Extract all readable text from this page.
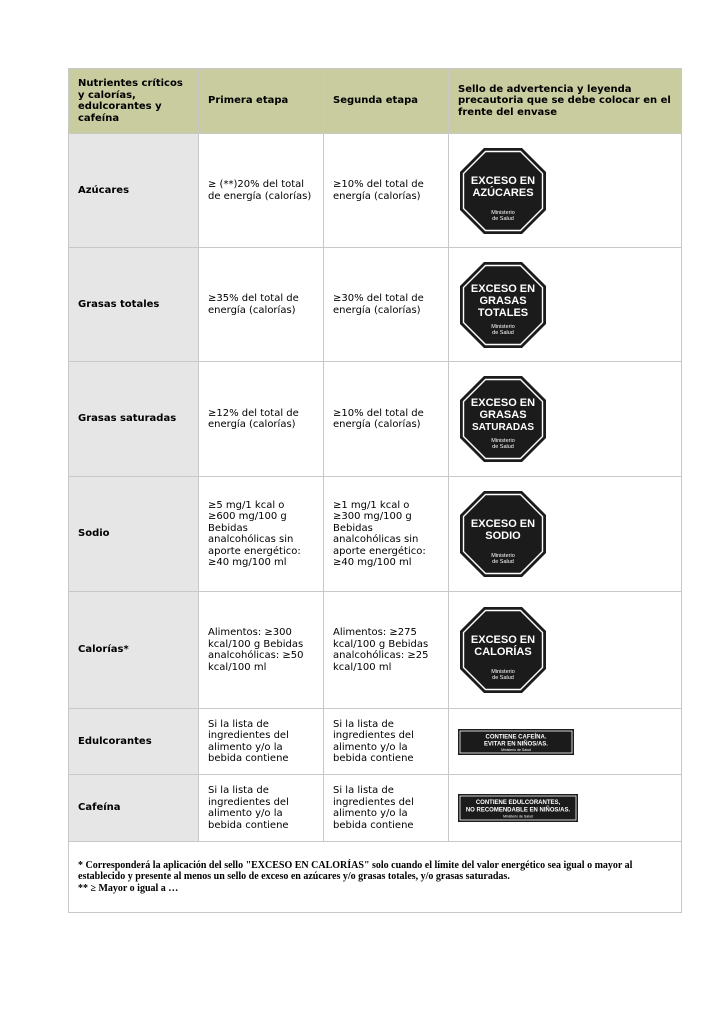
Nutrientes críticos y calorías, edulcorantes y cafeína	Primera etapa	Segunda etapa	Sello de advertencia y leyenda precautoria que se debe colocar en el frente del envase
Azúcares	≥ (**)20% del total de energía (calorías)	≥10% del total de energía (calorías)	EXCESO EN
AZÚCARES
Ministerio
de Salud

Grasas totales	≥35% del total de energía (calorías)	≥30% del total de energía (calorías)	EXCESO EN
GRASAS
TOTALES
Ministerio
de Salud

Grasas saturadas	≥12% del total de energía (calorías)	≥10% del total de energía (calorías)	EXCESO EN
GRASAS
SATURADAS
Ministerio
de Salud

Sodio	≥5 mg/1 kcal o ≥600 mg/100 g Bebidas analcohólicas sin aporte energético: ≥40 mg/100 ml	≥1 mg/1 kcal o ≥300 mg/100 g Bebidas analcohólicas sin aporte energético: ≥40 mg/100 ml	EXCESO EN
SODIO
Ministerio
de Salud

Calorías*	Alimentos: ≥300 kcal/100 g Bebidas analcohólicas: ≥50 kcal/100 ml	Alimentos: ≥275 kcal/100 g Bebidas analcohólicas: ≥25 kcal/100 ml	EXCESO EN
CALORÍAS
Ministerio
de Salud

Edulcorantes	Si la lista de ingredientes del alimento y/o la bebida contiene	Si la lista de ingredientes del alimento y/o la bebida contiene	CONTIENE CAFEÍNA.
EVITAR EN NIÑOS/AS.
Ministerio de Salud

Cafeína	Si la lista de ingredientes del alimento y/o la bebida contiene	Si la lista de ingredientes del alimento y/o la bebida contiene	CONTIENE EDULCORANTES,
NO RECOMENDABLE EN NIÑOS/AS.
Ministerio de Salud

* Corresponderá la aplicación del sello "EXCESO EN CALORÍAS" solo cuando el límite del valor energético sea igual o mayor al establecido y presente al menos un sello de exceso en azúcares y/o grasas totales, y/o grasas saturadas.
** ≥ Mayor o igual a …			
